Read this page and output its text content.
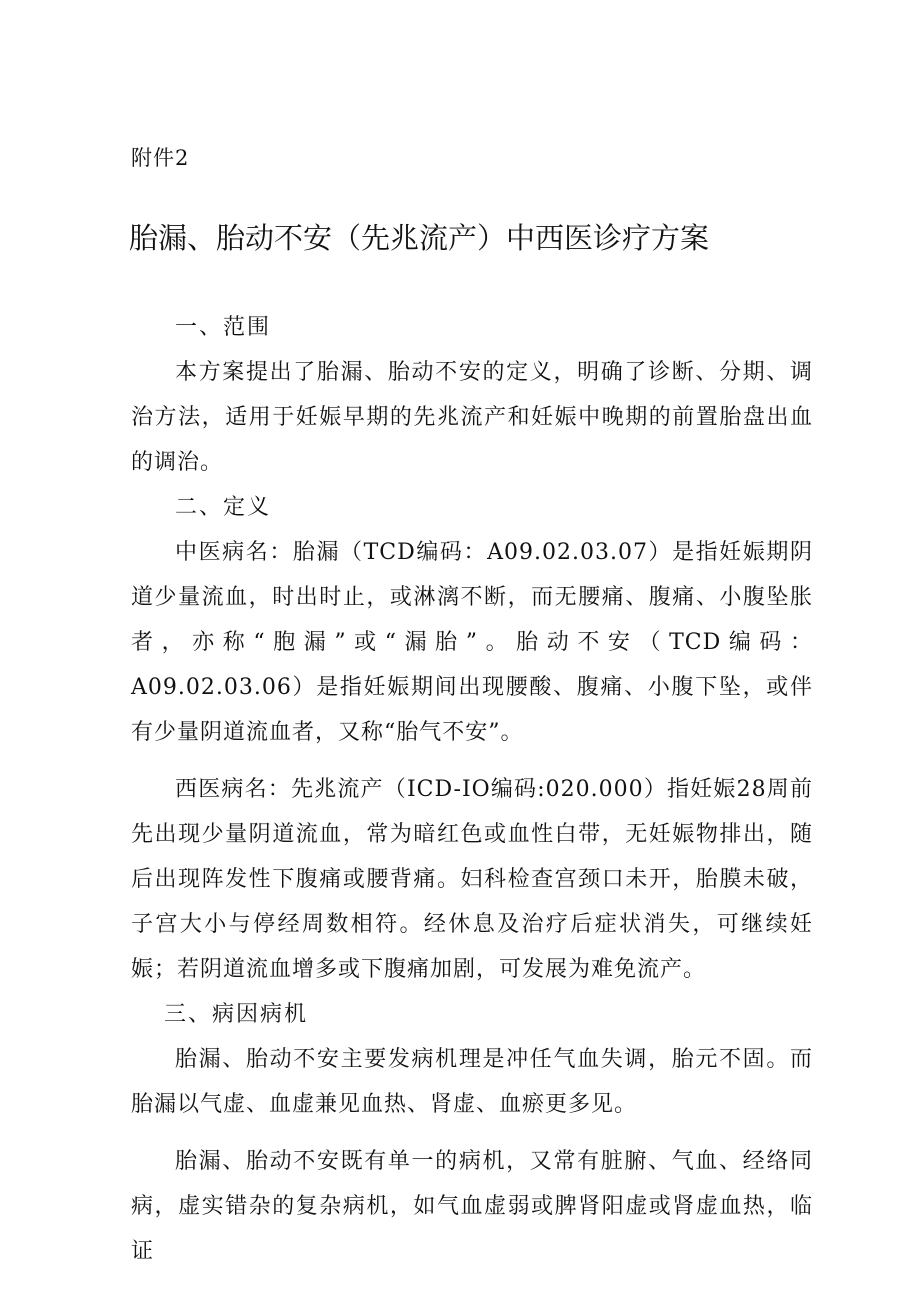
附件2
胎漏、胎动不安（先兆流产）中西医诊疗方案
一、范围

本方案提出了胎漏、胎动不安的定义，明确了诊断、分期、调治方法，适用于妊娠早期的先兆流产和妊娠中晚期的前置胎盘出血的调治。

二、定义

中医病名：胎漏（TCD编码：A09.02.03.07）是指妊娠期阴道少量流血，时出时止，或淋漓不断，而无腰痛、腹痛、小腹坠胀者，亦称“胞漏”或“漏胎”。胎动不安（TCD编码：A09.02.03.06）是指妊娠期间出现腰酸、腹痛、小腹下坠，或伴有少量阴道流血者，又称“胎气不安”。

西医病名：先兆流产（ICD-IO编码:020.000）指妊娠28周前先出现少量阴道流血，常为暗红色或血性白带，无妊娠物排出，随后出现阵发性下腹痛或腰背痛。妇科检查宫颈口未开，胎膜未破，子宫大小与停经周数相符。经休息及治疗后症状消失，可继续妊娠；若阴道流血增多或下腹痛加剧，可发展为难免流产。

三、病因病机

胎漏、胎动不安主要发病机理是冲任气血失调，胎元不固。而胎漏以气虚、血虚兼见血热、肾虚、血瘀更多见。

胎漏、胎动不安既有单一的病机，又常有脏腑、气血、经络同病，虚实错杂的复杂病机，如气血虚弱或脾肾阳虚或肾虚血热，临证
